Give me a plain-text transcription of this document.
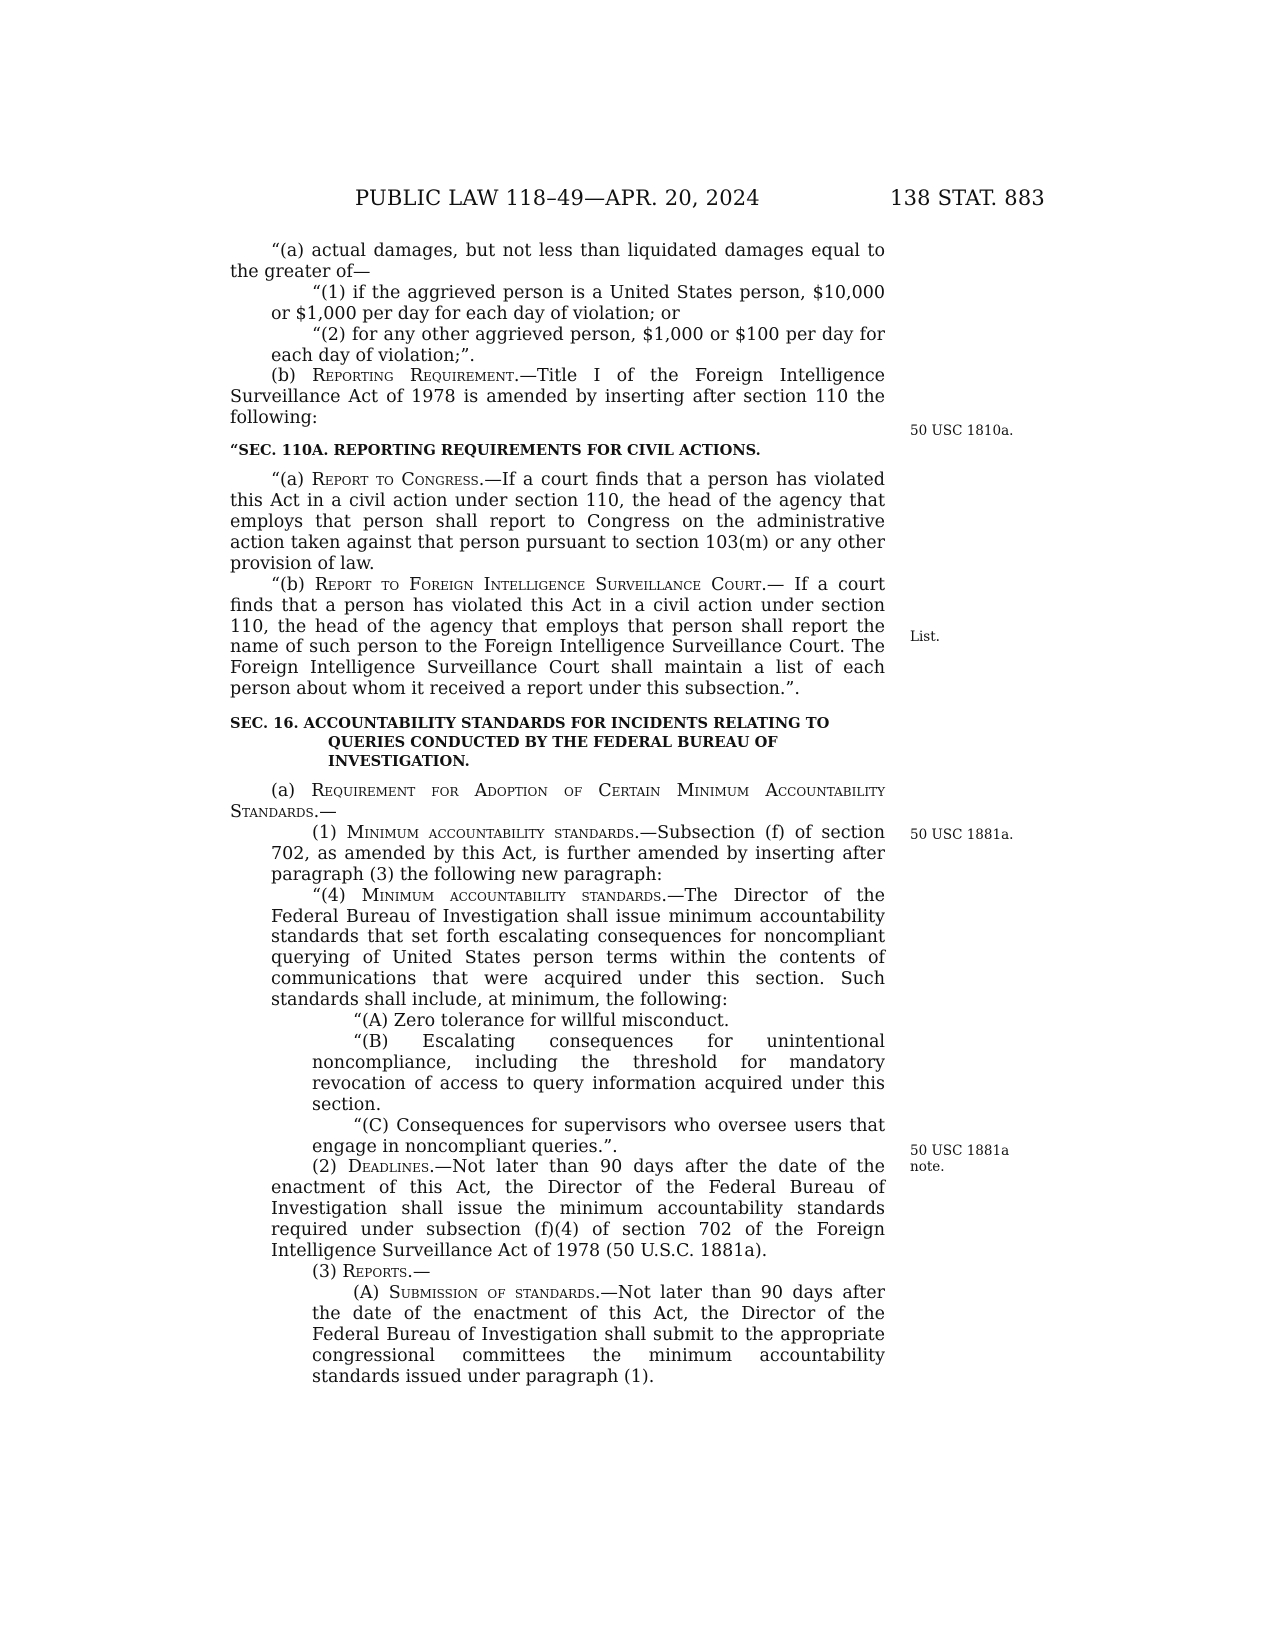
PUBLIC LAW 118–49—APR. 20, 2024	138 STAT. 883

“(a) actual damages, but not less than liquidated damages equal to the greater of—

“(1) if the aggrieved person is a United States person, $10,000 or $1,000 per day for each day of violation; or

“(2) for any other aggrieved person, $1,000 or $100 per day for each day of violation;”.

(b) Reporting Requirement.—Title I of the Foreign Intelligence Surveillance Act of 1978 is amended by inserting after section 110 the following:

“SEC. 110A. REPORTING REQUIREMENTS FOR CIVIL ACTIONS.

“(a) Report to Congress.—If a court finds that a person has violated this Act in a civil action under section 110, the head of the agency that employs that person shall report to Congress on the administrative action taken against that person pursuant to section 103(m) or any other provision of law.

“(b) Report to Foreign Intelligence Surveillance Court.— If a court finds that a person has violated this Act in a civil action under section 110, the head of the agency that employs that person shall report the name of such person to the Foreign Intelligence Surveillance Court. The Foreign Intelligence Surveillance Court shall maintain a list of each person about whom it received a report under this subsection.”.

SEC. 16. ACCOUNTABILITY STANDARDS FOR INCIDENTS RELATING TO QUERIES CONDUCTED BY THE FEDERAL BUREAU OF INVESTIGATION.

(a) Requirement for Adoption of Certain Minimum Accountability Standards.—

(1) Minimum accountability standards.—Subsection (f) of section 702, as amended by this Act, is further amended by inserting after paragraph (3) the following new paragraph:

“(4) Minimum accountability standards.—The Director of the Federal Bureau of Investigation shall issue minimum accountability standards that set forth escalating consequences for noncompliant querying of United States person terms within the contents of communications that were acquired under this section. Such standards shall include, at minimum, the following:

“(A) Zero tolerance for willful misconduct.

“(B) Escalating consequences for unintentional noncompliance, including the threshold for mandatory revocation of access to query information acquired under this section.

“(C) Consequences for supervisors who oversee users that engage in noncompliant queries.”.

(2) Deadlines.—Not later than 90 days after the date of the enactment of this Act, the Director of the Federal Bureau of Investigation shall issue the minimum accountability standards required under subsection (f)(4) of section 702 of the Foreign Intelligence Surveillance Act of 1978 (50 U.S.C. 1881a).

(3) Reports.—

(A) Submission of standards.—Not later than 90 days after the date of the enactment of this Act, the Director of the Federal Bureau of Investigation shall submit to the appropriate congressional committees the minimum accountability standards issued under paragraph (1).

50 USC 1810a.
List.
50 USC 1881a.
50 USC 1881a
note.
